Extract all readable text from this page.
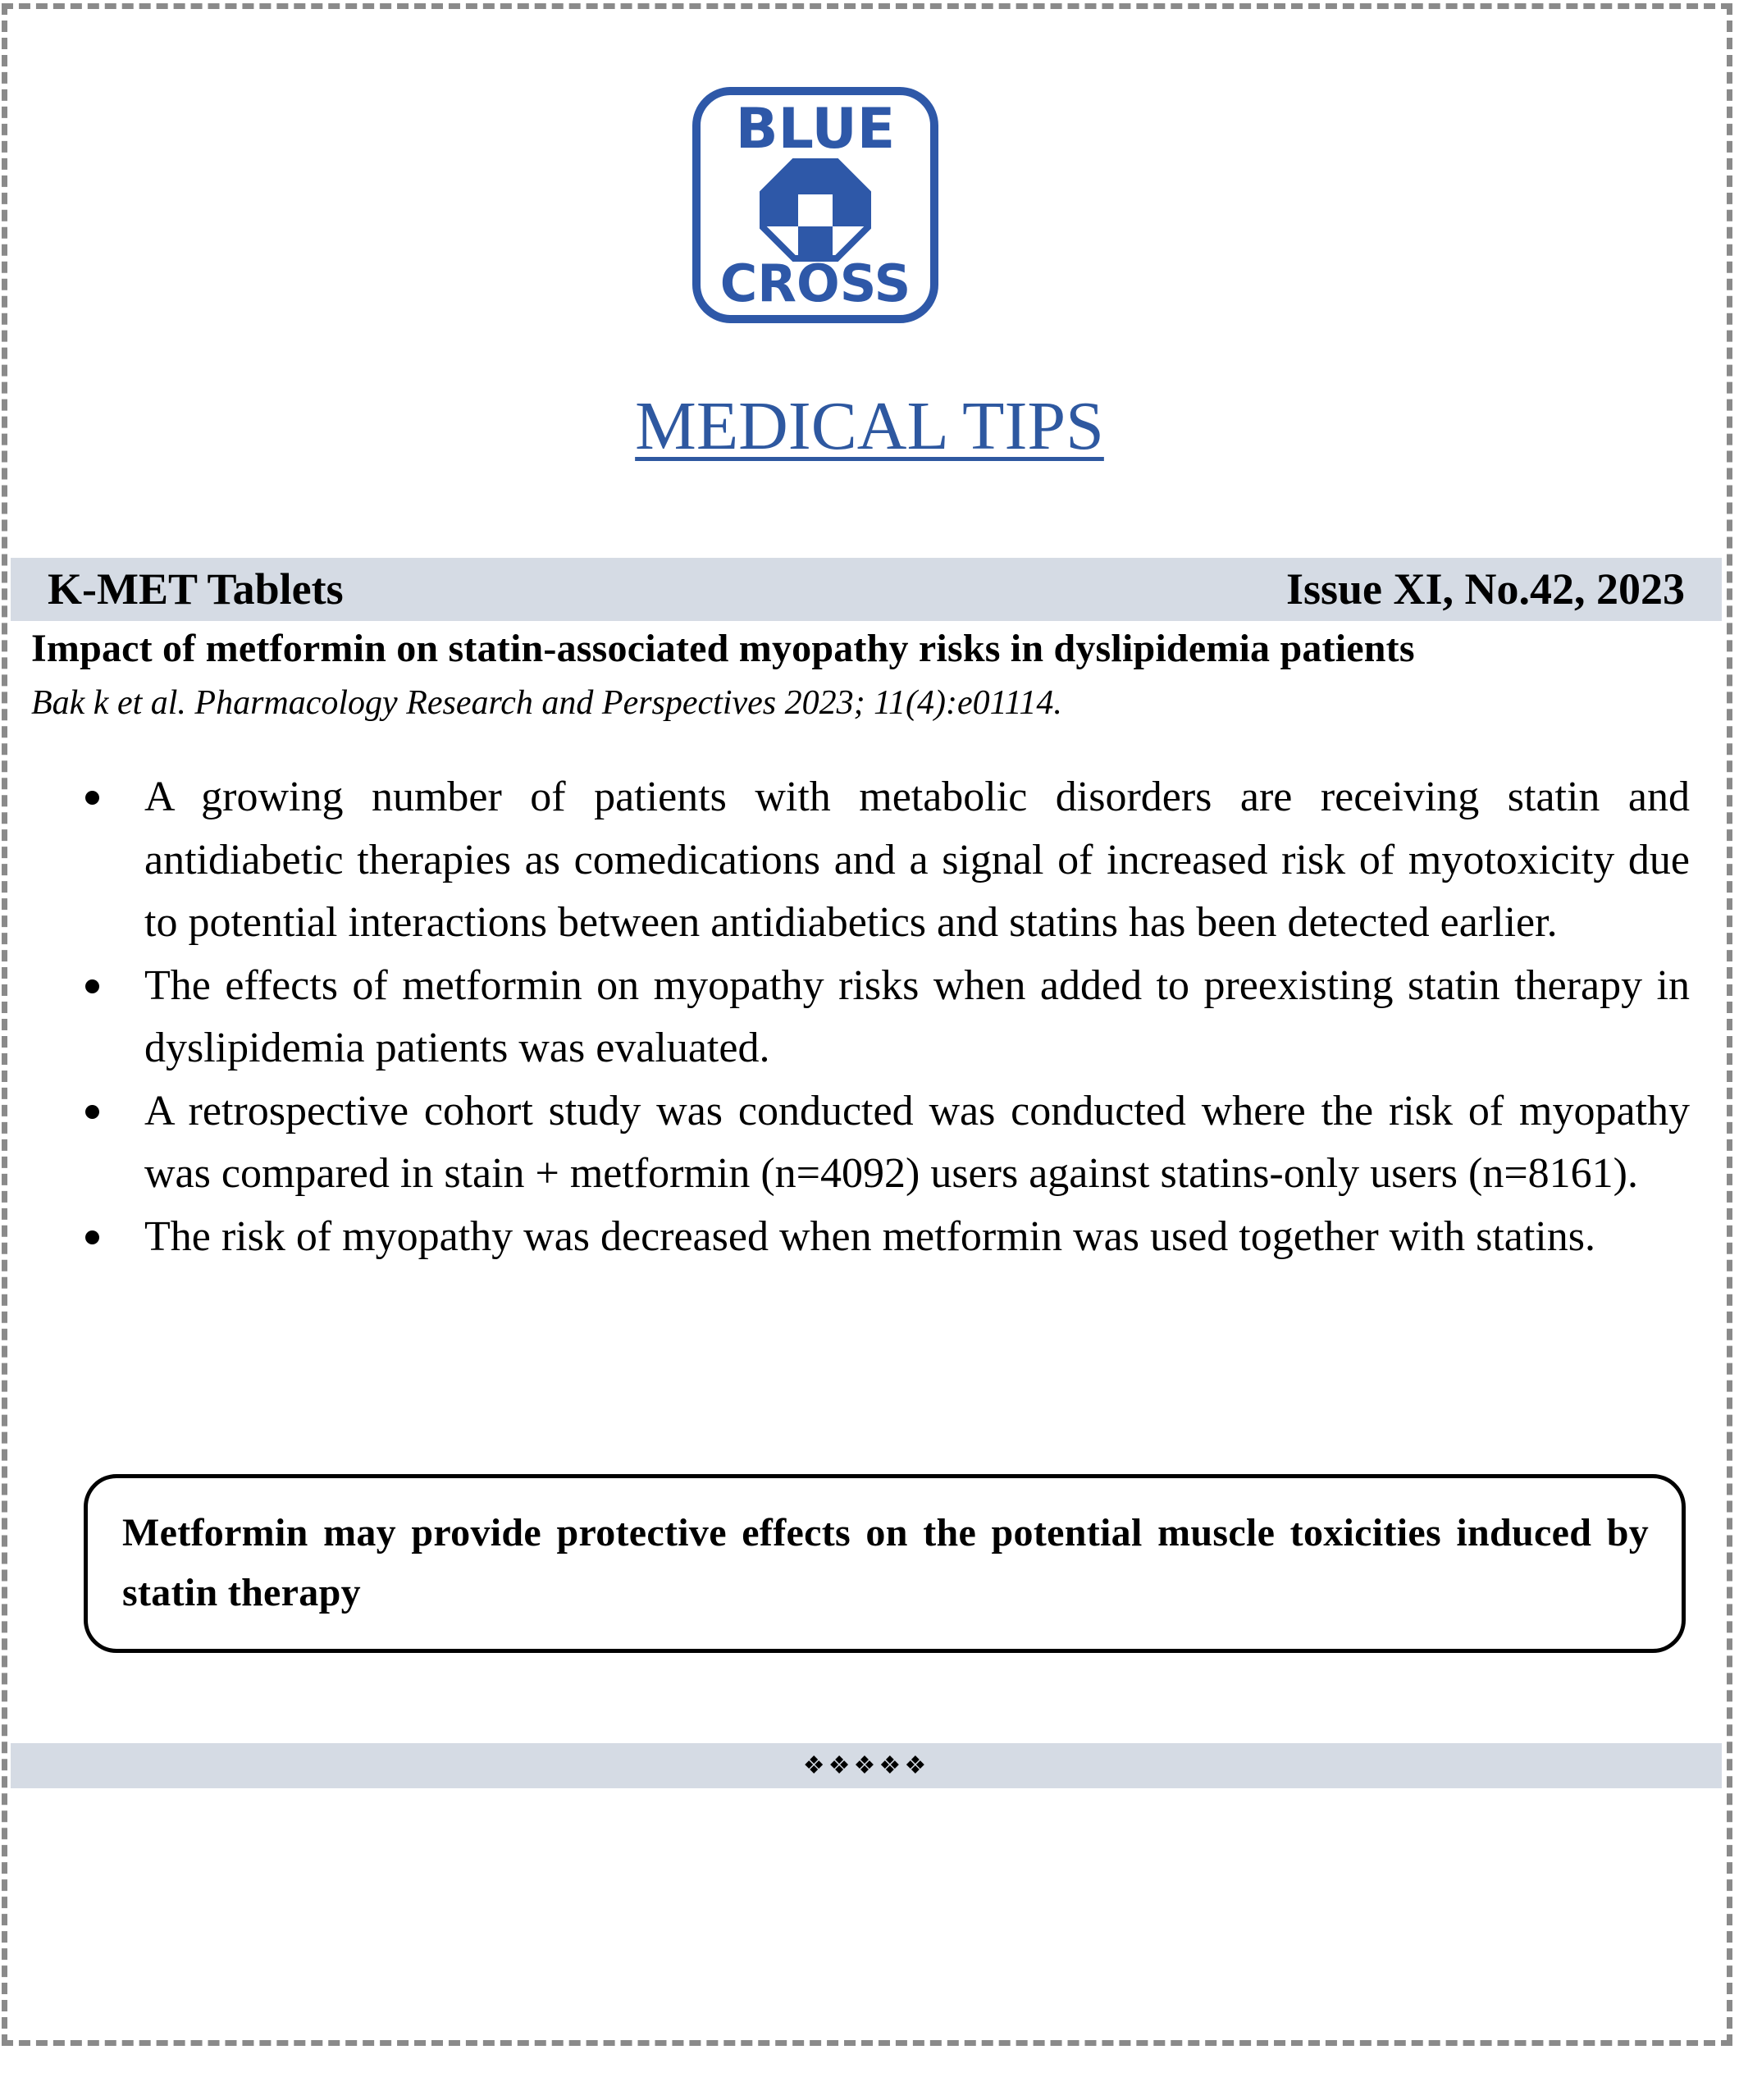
BLUE
CROSS
MEDICAL TIPS
K-MET Tablets	Issue XI, No.42, 2023
Impact of metformin on statin-associated myopathy risks in dyslipidemia patients
Bak k et al. Pharmacology Research and Perspectives 2023; 11(4):e01114.
A growing number of patients with metabolic disorders are receiving statin and antidiabetic therapies as comedications and a signal of increased risk of myotoxicity due to potential interactions between antidiabetics and statins has been detected earlier.
The effects of metformin on myopathy risks when added to preexisting statin therapy in dyslipidemia patients was evaluated.
A retrospective cohort study was conducted was conducted where the risk of myopathy was compared in stain + metformin (n=4092) users against statins-only users (n=8161).
The risk of myopathy was decreased when metformin was used together with statins.

Metformin may provide protective effects on the potential muscle toxicities induced by statin therapy

❖❖❖❖❖
